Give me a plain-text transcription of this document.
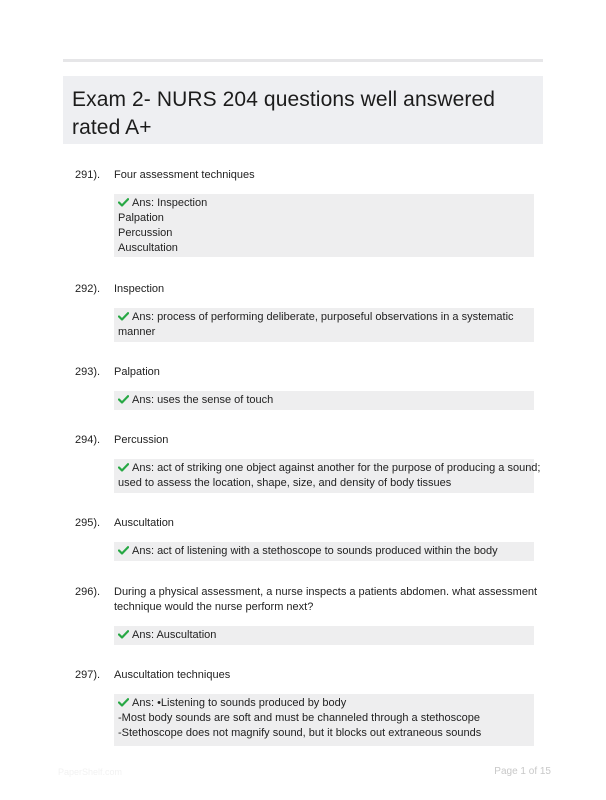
Exam 2- NURS 204 questions well answered
rated A+
291). Four assessment techniques
Ans: Inspection
Palpation
Percussion
Auscultation
292). Inspection
Ans: process of performing deliberate, purposeful observations in a systematic
manner
293). Palpation
Ans: uses the sense of touch
294). Percussion
Ans: act of striking one object against another for the purpose of producing a sound;
used to assess the location, shape, size, and density of body tissues
295). Auscultation
Ans: act of listening with a stethoscope to sounds produced within the body
296). During a physical assessment, a nurse inspects a patients abdomen. what assessment
technique would the nurse perform next?
Ans: Auscultation
297). Auscultation techniques
Ans: •Listening to sounds produced by body
-Most body sounds are soft and must be channeled through a stethoscope
-Stethoscope does not magnify sound, but it blocks out extraneous sounds
PaperShelf.com	Page 1 of 15
